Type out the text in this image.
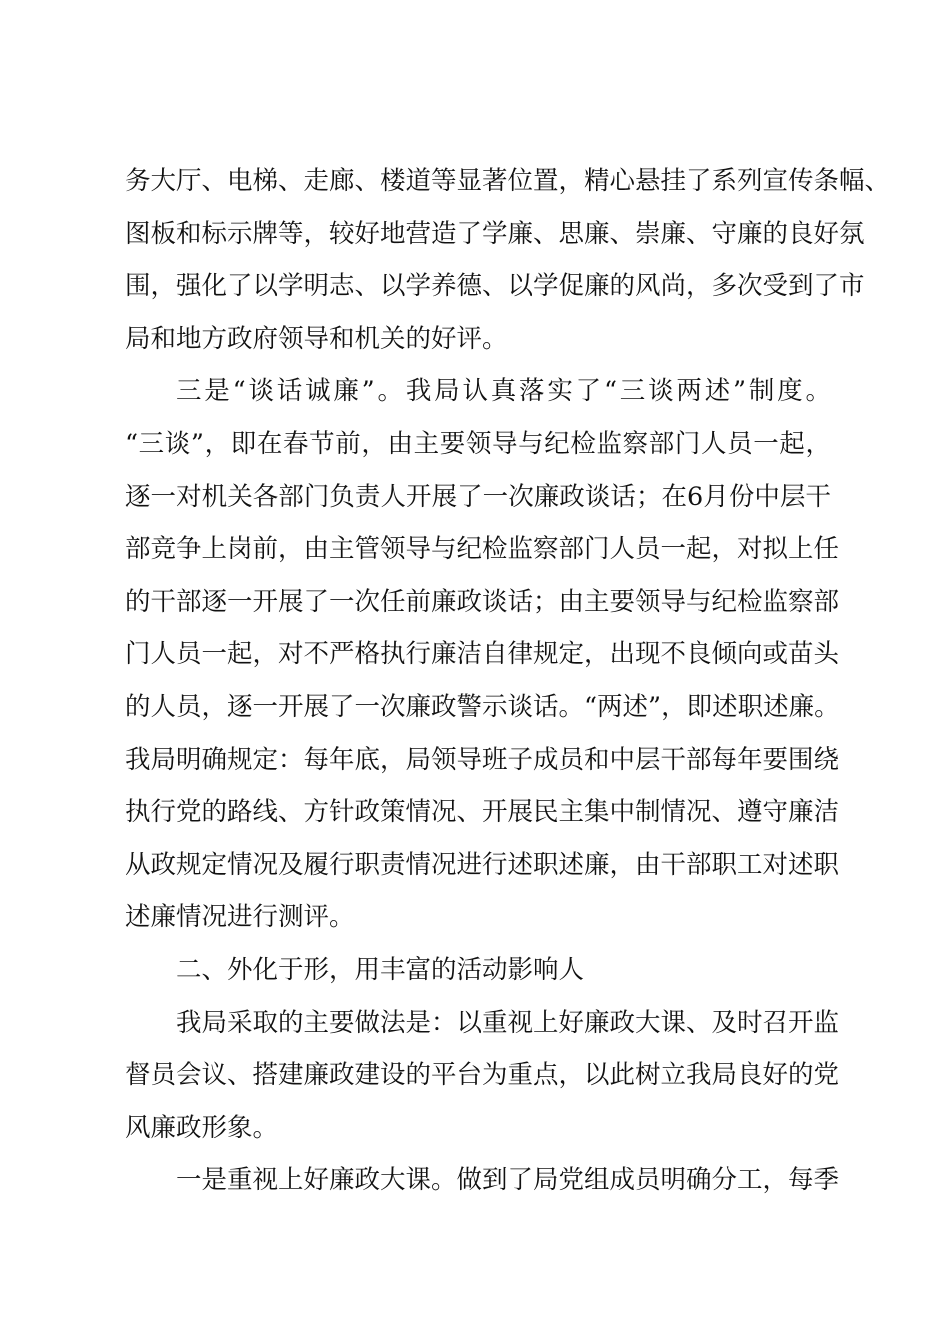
务大厅、电梯、走廊、楼道等显著位置，精心悬挂了系列宣传条幅、
图板和标示牌等，较好地营造了学廉、思廉、崇廉、守廉的良好氛
围，强化了以学明志、以学养德、以学促廉的风尚，多次受到了市
局和地方政府领导和机关的好评。
三是“谈话诚廉”。我局认真落实了“三谈两述”制度。
“三谈”，即在春节前，由主要领导与纪检监察部门人员一起，
逐一对机关各部门负责人开展了一次廉政谈话；在6月份中层干
部竞争上岗前，由主管领导与纪检监察部门人员一起，对拟上任
的干部逐一开展了一次任前廉政谈话；由主要领导与纪检监察部
门人员一起，对不严格执行廉洁自律规定，出现不良倾向或苗头
的人员，逐一开展了一次廉政警示谈话。“两述”，即述职述廉。
我局明确规定：每年底，局领导班子成员和中层干部每年要围绕
执行党的路线、方针政策情况、开展民主集中制情况、遵守廉洁
从政规定情况及履行职责情况进行述职述廉，由干部职工对述职
述廉情况进行测评。
二、外化于形，用丰富的活动影响人
我局采取的主要做法是：以重视上好廉政大课、及时召开监
督员会议、搭建廉政建设的平台为重点，以此树立我局良好的党
风廉政形象。
一是重视上好廉政大课。做到了局党组成员明确分工，每季
